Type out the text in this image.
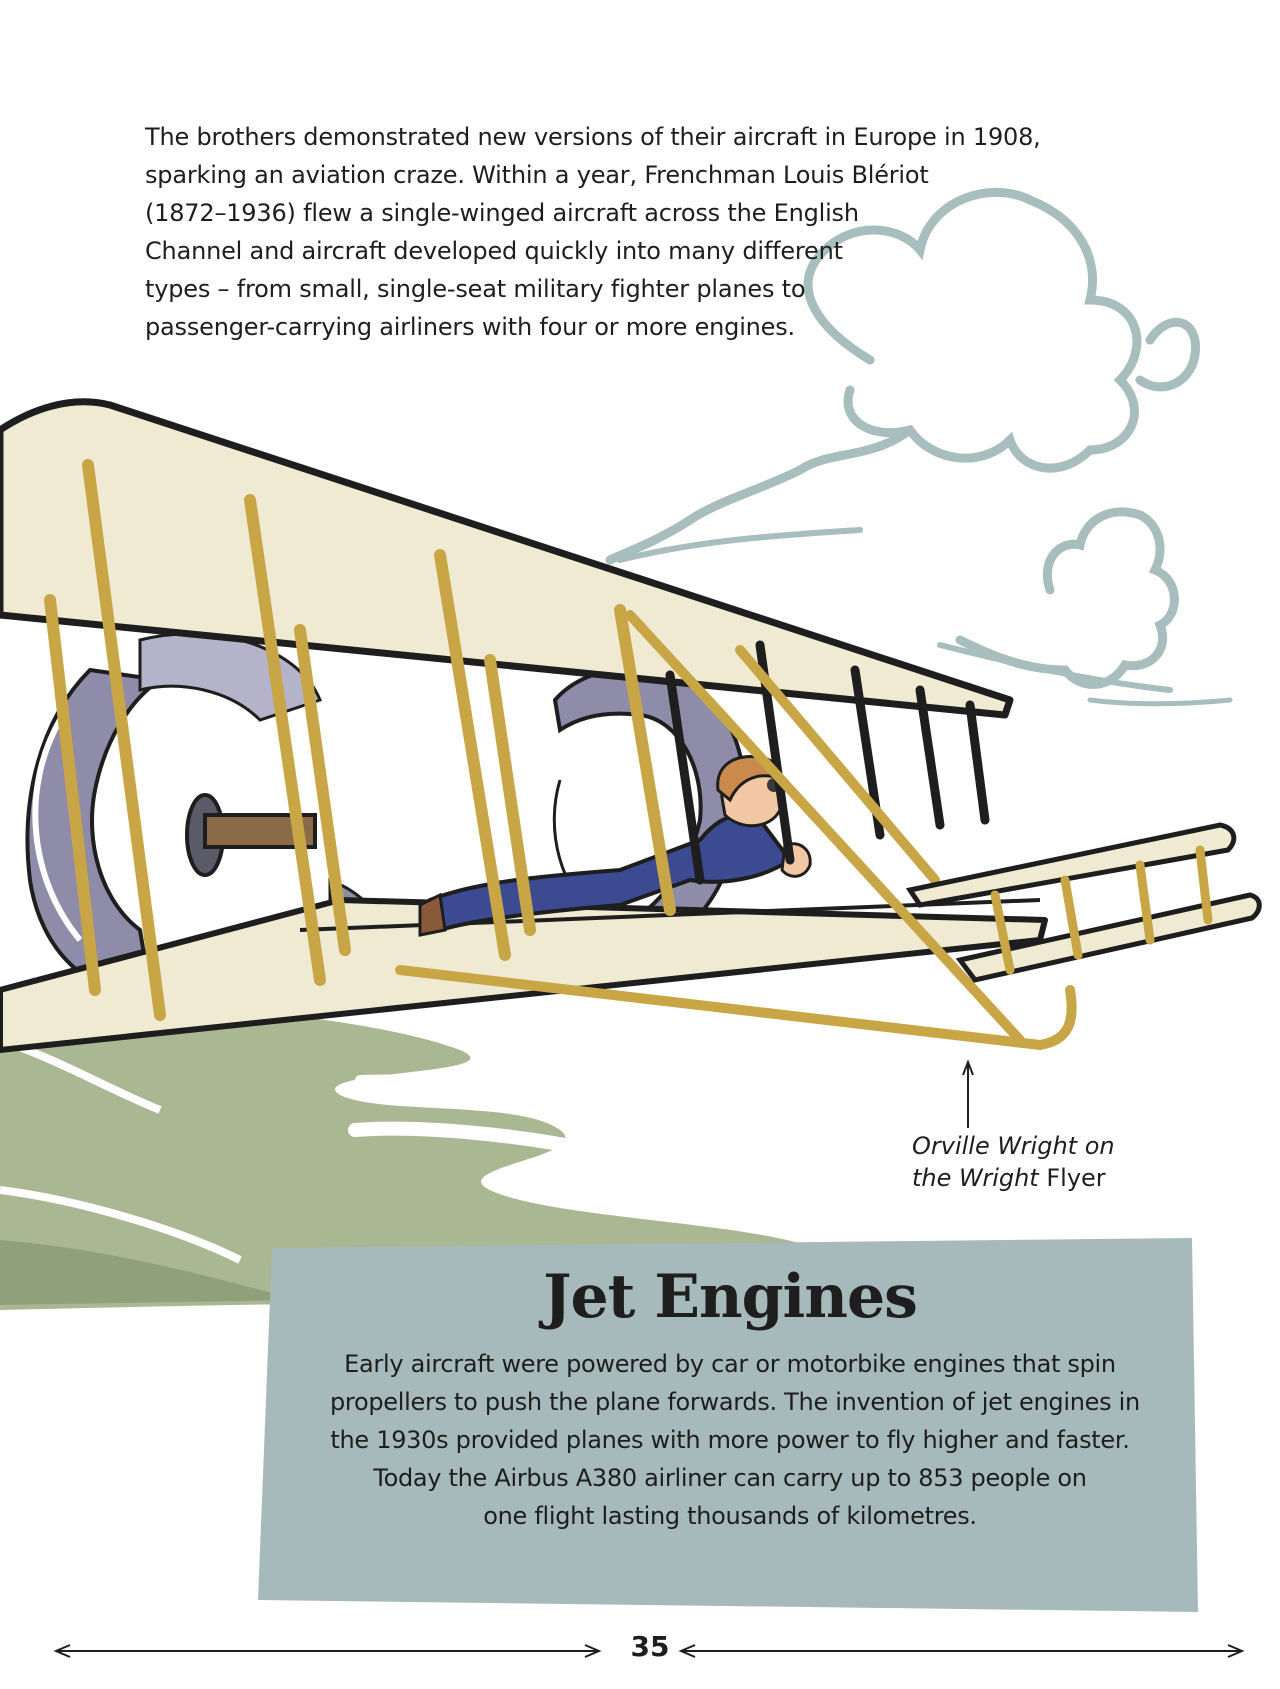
The brothers demonstrated new versions of their aircraft in Europe in 1908,
sparking an aviation craze. Within a year, Frenchman Louis Blériot
(1872–1936) flew a single-winged aircraft across the English
Channel and aircraft developed quickly into many different
types – from small, single-seat military fighter planes to
passenger-carrying airliners with four or more engines.

Orville Wright on
the Wright Flyer
Jet Engines
Early aircraft were powered by car or motorbike engines that spin
propellers to push the plane forwards. The invention of jet engines in
the 1930s provided planes with more power to fly higher and faster.
Today the Airbus A380 airliner can carry up to 853 people on
one flight lasting thousands of kilometres.
35
